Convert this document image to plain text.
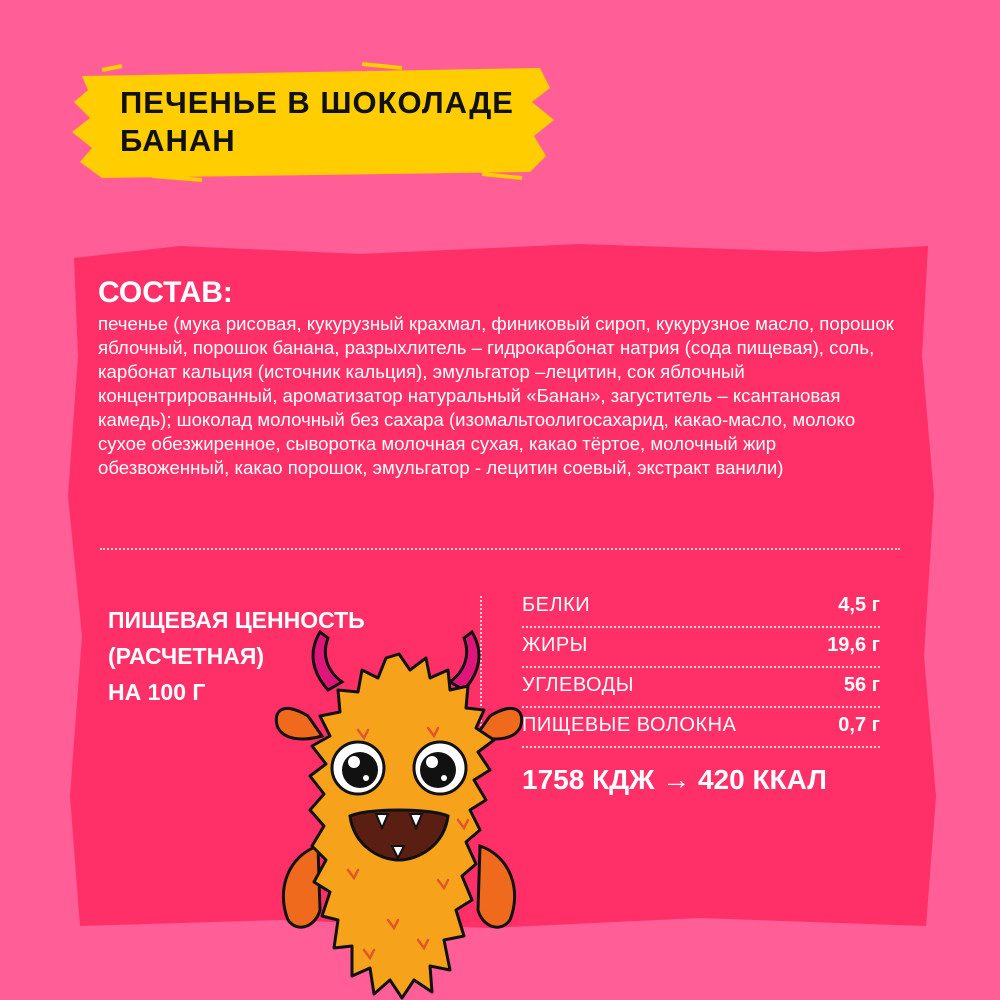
ПЕЧЕНЬЕ В ШОКОЛАДЕ
БАНАН
СОСТАВ:

печенье (мука рисовая, кукурузный крахмал, финиковый сироп, кукурузное масло, порошок яблочный, порошок банана, разрыхлитель – гидрокарбонат натрия (сода пищевая), соль, карбонат кальция (источник кальция), эмульгатор –лецитин, сок яблочный концентрированный, ароматизатор натуральный «Банан», загуститель – ксантановая камедь); шоколад молочный без сахара (изомальтоолигосахарид, какао-масло, молоко сухое обезжиренное, сыворотка молочная сухая, какао тёртое, молочный жир обезвоженный, какао порошок, эмульгатор - лецитин соевый, экстракт ванили)

ПИЩЕВАЯ ЦЕННОСТЬ
(РАСЧЕТНАЯ)
НА 100 Г
БЕЛКИ	4,5 г
ЖИРЫ	19,6 г
УГЛЕВОДЫ	56 г
ПИЩЕВЫЕ ВОЛОКНА	0,7 г

1758 КДЖ → 420 ККАЛ
